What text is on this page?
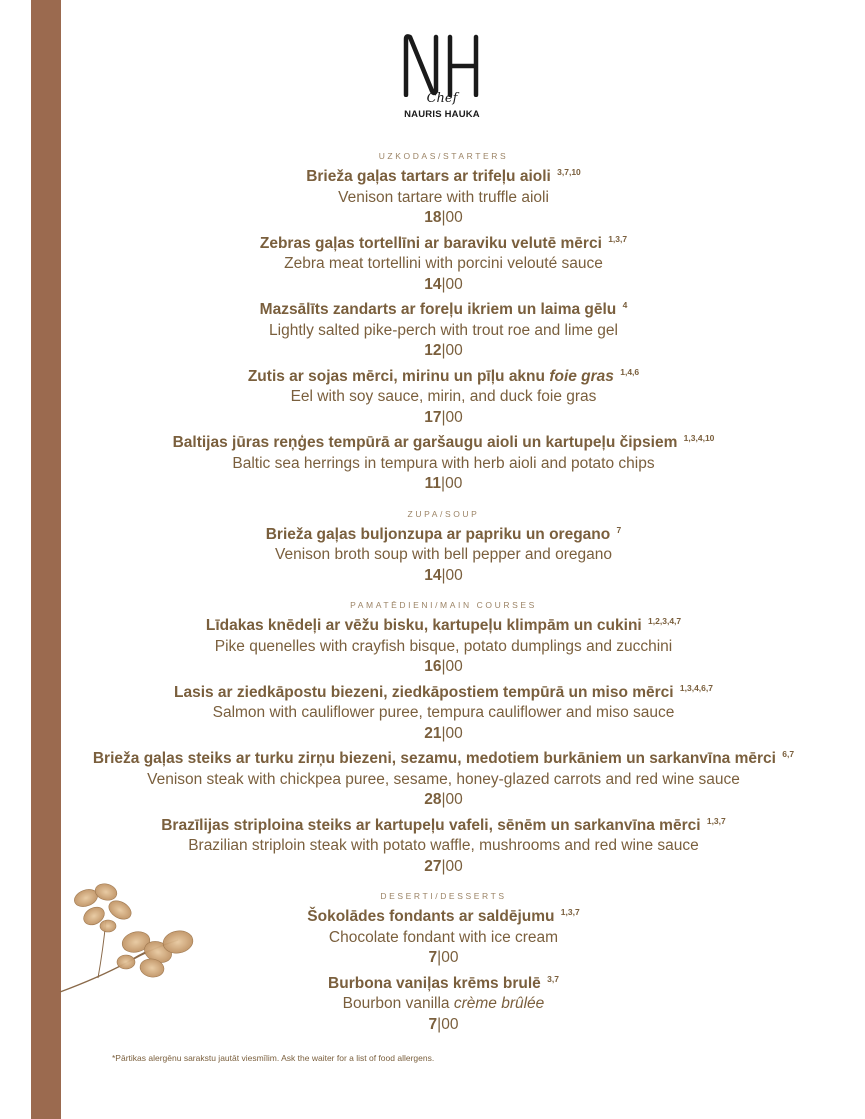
Chef
NAURIS HAUKA
UZKODAS/STARTERS
Brieža gaļas tartars ar trifeļu aioli $^{3,7,10}$
Venison tartare with truffle aioli
18|00
Zebras gaļas tortellīni ar baraviku velutē mērci $^{1,3,7}$
Zebra meat tortellini with porcini velouté sauce
14|00
Mazsālīts zandarts ar foreļu ikriem un laima gēlu $^4$
Lightly salted pike-perch with trout roe and lime gel
12|00
Zutis ar sojas mērci, mirinu un pīļu aknu foie gras $^{1,4,6}$
Eel with soy sauce, mirin, and duck foie gras
17|00
Baltijas jūras reņģes tempūrā ar garšaugu aioli un kartupeļu čipsiem $^{1,3,4,10}$
Baltic sea herrings in tempura with herb aioli and potato chips
11|00
ZUPA/SOUP
Brieža gaļas buljonzupa ar papriku un oregano $^7$
Venison broth soup with bell pepper and oregano
14|00
PAMATĒDIENI/MAIN COURSES
Līdakas knēdeļi ar vēžu bisku, kartupeļu klimpām un cukini $^{1,2,3,4,7}$
Pike quenelles with crayfish bisque, potato dumplings and zucchini
16|00
Lasis ar ziedkāpostu biezeni, ziedkāpostiem tempūrā un miso mērci $^{1,3,4,6,7}$
Salmon with cauliflower puree, tempura cauliflower and miso sauce
21|00
Brieža gaļas steiks ar turku zirņu biezeni, sezamu, medotiem burkāniem un sarkanvīna mērci $^{6,7}$
Venison steak with chickpea puree, sesame, honey-glazed carrots and red wine sauce
28|00
Brazīlijas striploina steiks ar kartupeļu vafeli, sēnēm un sarkanvīna mērci $^{1,3,7}$
Brazilian striploin steak with potato waffle, mushrooms and red wine sauce
27|00
DESERTI/DESSERTS
Šokolādes fondants ar saldējumu $^{1,3,7}$
Chocolate fondant with ice cream
7|00
Burbona vaniļas krēms brulē $^{3,7}$
Bourbon vanilla crème brûlée
7|00
*Pārtikas alergēnu sarakstu jautāt viesmīlim. Ask the waiter for a list of food allergens.
